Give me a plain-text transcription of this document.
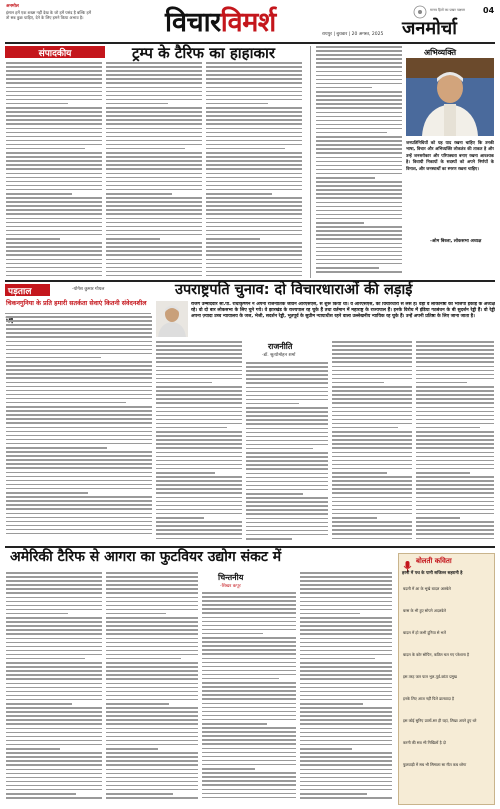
अनमोल
इंसान हमें एक शख्स नहीं देख के जो हमें पसंद है बल्कि हमें तो सब कुछ चाहिए, देने के लिए हमने किया अभाव है।	विचारविमर्श	रायपुर | बुधवार | 20 अगस्त, 2025
04
मानव हितों का प्रखर पक्षधर
जनमोर्चा
संपादकीय	ट्रम्प के टैरिफ का हाहाकार	अभिव्यक्ति
जनप्रतिनिधियों को यह याद रखना चाहिए कि उनकी भाषा, विचार और अभिव्यक्ति लोकतंत्र की ताकत है और उन्हें जनसरोकार और परिपक्वता बनाए रखना आवश्यक है। विधायी निकायों के सदस्यों को अपने निर्णयों के विनाश, और जनस्वार्थों का स्मरण रखना चाहिए।
-ओम बिरला, लोकसभा अध्यक्ष
पड़ताल	-योगेश कुमार गोयल
चिकनगुनिया के प्रति हमारी सतर्कता सेवाएं कितनी संवेदनशील
उपराष्ट्रपति चुनाव: दो विचारधाराओं की लड़ाई
राजग उम्मीदवार सी.पी. राधाकृष्णन न अपना राजनीतिक जीवन आरएसएस, से शुरू किया था। वे आरएसएस, की विचारधारा से लैस हैं। वहां वे लोकनिष्ठा की भाजपा इकाई के अध्यक्ष रहे। वो दो बार लोकसभा के लिए चुने गये। वे झारखंड के राज्यपाल रह चुके हैं तथा वर्तमान में महाराष्ट्र के राज्यपाल हैं। इनके विरोध में इंडिया गठबंधन के बी सुदर्शन रेड्डी हैं। वो रेड्डी अपना ज़्यादा उच्च न्यायालय के जज, भेजी, सदर्शन रेड्डी, भूतपूर्व के सुप्रीम न्यायाधीश रहने वाला उल्लेखनीय न्यायिक रह चुके हैं। उन्हें अपनी प्रतिष्ठा के लिए जाना जाता है।
राजनीति
-डॉ. श्रुत्योमोहन शर्मा
अमेरिकी टैरिफ से आगरा का फुटवियर उद्योग संकट में
चिन्तनीय
-शिखर कपूर
बोलती कविता
हरनी में पथ के पानी सजिल्ल सहरानी है
बदली में आ के भूखे बादल अलबेले
बरस के भी हुए सोपने अदलवेले
बादल में हो कभी दुनिया से भलें
बादल के कोर सोपिन, कतिल चल गए परेशाना है
इस तरह जल पाल भूल-पूर्व-कांटा प्रमुख
इनके लिए आज नहीं पिले डालवादा है
इस कोई सुनिए प्राणों-सर ही यहां, लिखा अपने हुए धरे
करनी की सब भी निखिलों है दो
फुलवाड़ी में सब भी सिमाला सा गीत कब धरेगा
